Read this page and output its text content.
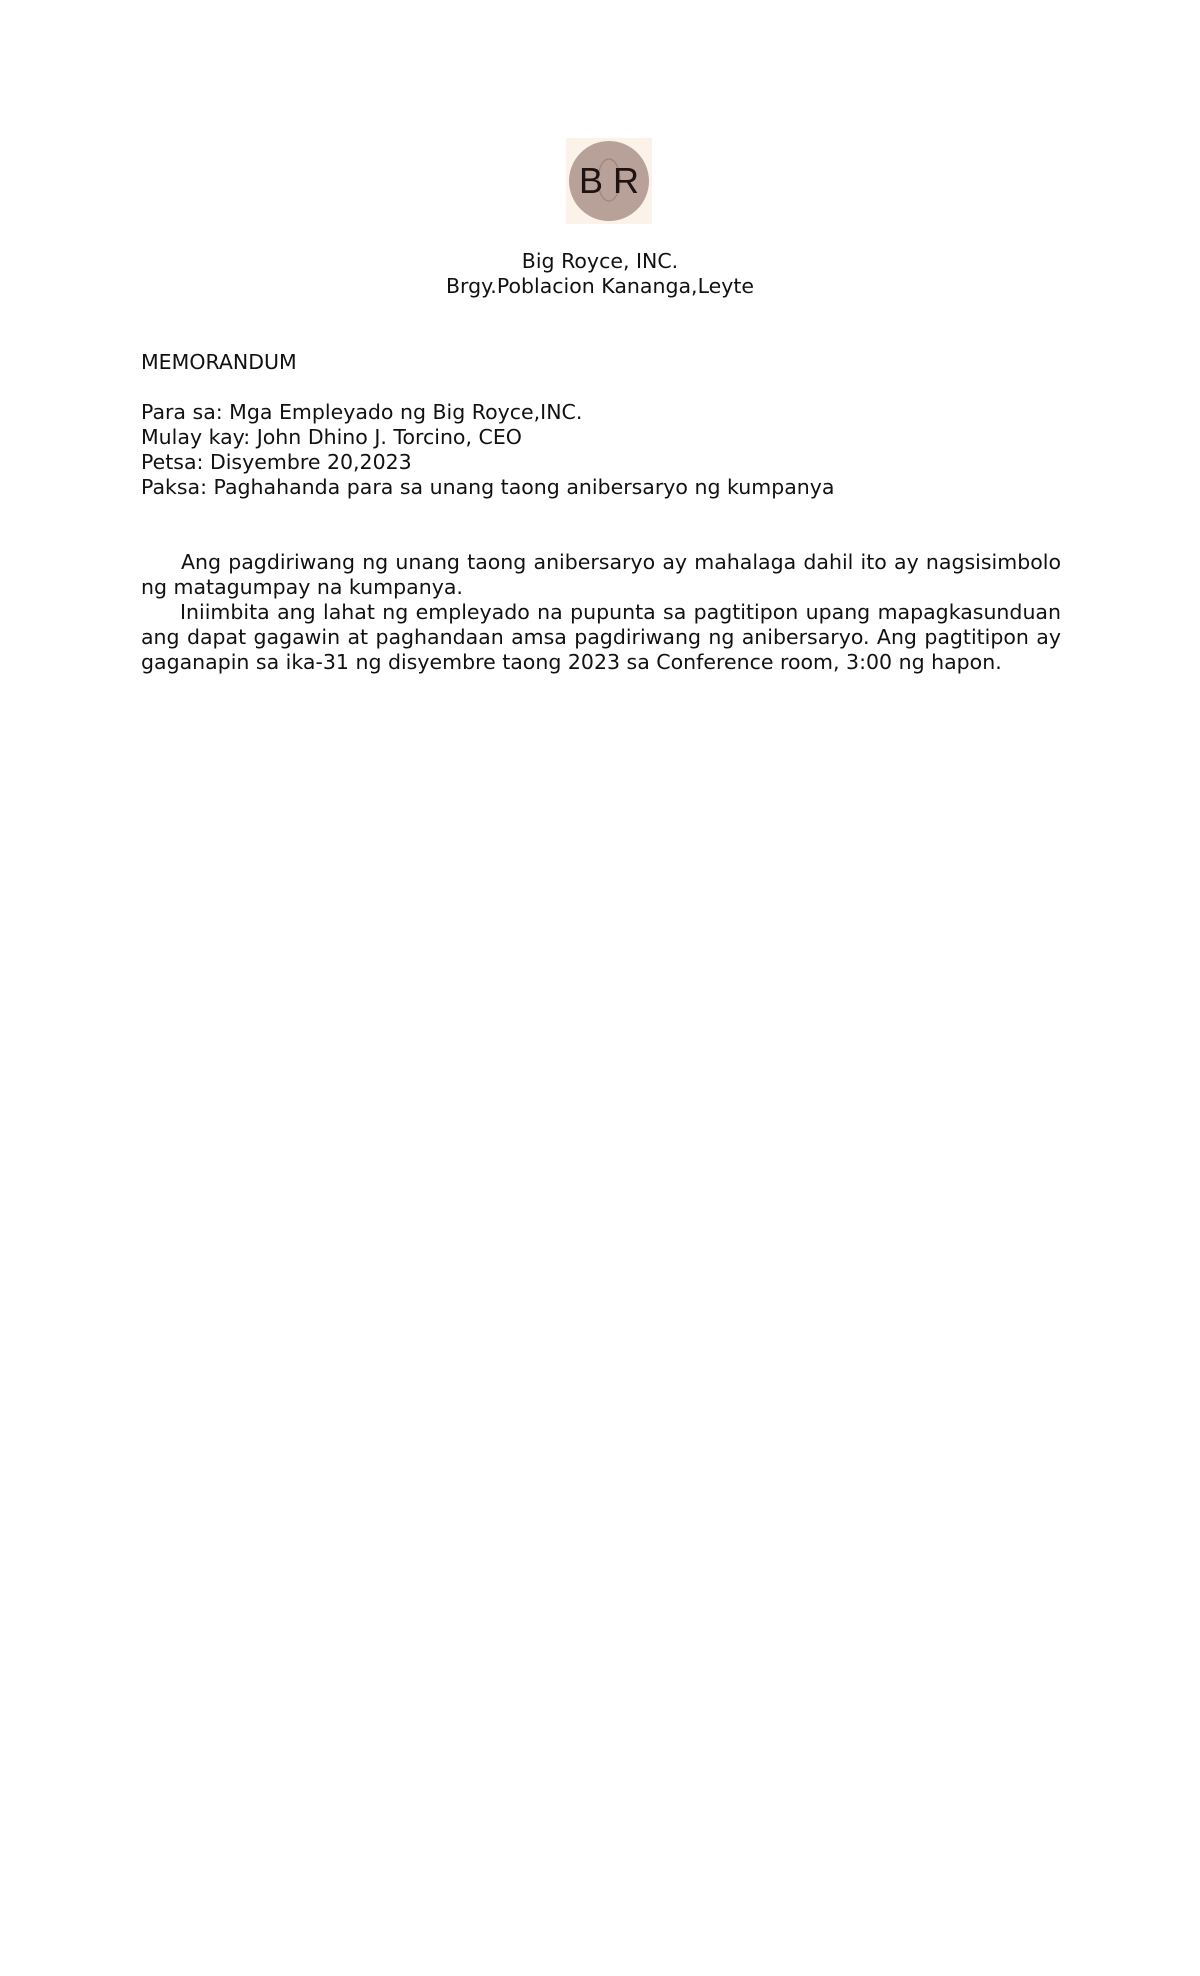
B R
Big Royce, INC.
Brgy.Poblacion Kananga,Leyte
MEMORANDUM
Para sa: Mga Empleyado ng Big Royce,INC.
Mulay kay: John Dhino J. Torcino, CEO
Petsa: Disyembre 20,2023
Paksa: Paghahanda para sa unang taong anibersaryo ng kumpanya

Ang pagdiriwang ng unang taong anibersaryo ay mahalaga dahil ito ay nagsisimbolo ng matagumpay na kumpanya.

Iniimbita ang lahat ng empleyado na pupunta sa pagtitipon upang mapagkasunduan ang dapat gagawin at paghandaan amsa pagdiriwang ng anibersaryo. Ang pagtitipon ay gaganapin sa ika-31 ng disyembre taong 2023 sa Conference room, 3:00 ng hapon.
